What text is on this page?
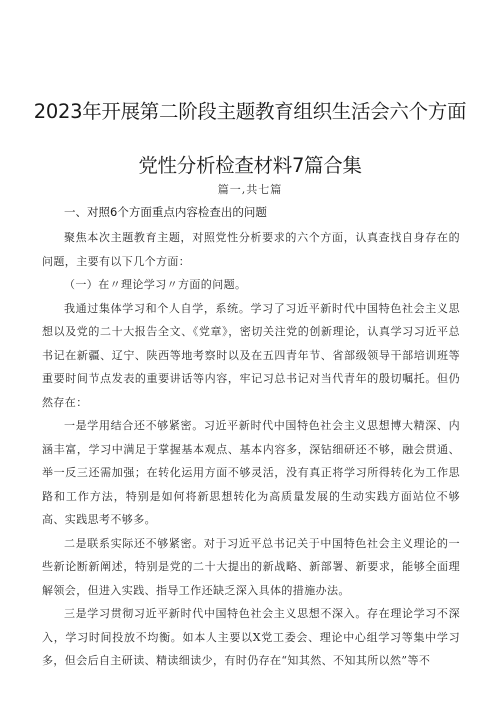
2023年开展第二阶段主题教育组织生活会六个方面
党性分析检查材料7篇合集
篇一,共七篇
一、对照6个方面重点内容检查出的问题

聚焦本次主题教育主题，对照党性分析要求的六个方面，认真查找自身存在的问题，主要有以下几个方面：

（一）在〃理论学习〃方面的问题。

我通过集体学习和个人自学，系统。学习了习近平新时代中国特色社会主义思想以及党的二十大报告全文、《党章》，密切关注党的创新理论，认真学习习近平总书记在新疆、辽宁、陕西等地考察时以及在五四青年节、省部级领导干部培训班等重要时间节点发表的重要讲话等内容，牢记习总书记对当代青年的殷切嘱托。但仍然存在：

一是学用结合还不够紧密。习近平新时代中国特色社会主义思想博大精深、内涵丰富，学习中满足于掌握基本观点、基本内容多，深钻细研还不够，融会贯通、举一反三还需加强；在转化运用方面不够灵活，没有真正将学习所得转化为工作思路和工作方法，特别是如何将新思想转化为高质量发展的生动实践方面站位不够高、实践思考不够多。

二是联系实际还不够紧密。对于习近平总书记关于中国特色社会主义理论的一些新论断新阐述，特别是党的二十大提出的新战略、新部署、新要求，能够全面理解领会，但进入实践、指导工作还缺乏深入具体的措施办法。

三是学习贯彻习近平新时代中国特色社会主义思想不深入。存在理论学习不深入，学习时间投放不均衡。如本人主要以X党工委会、理论中心组学习等集中学习多，但会后自主研读、精读细读少，有时仍存在“知其然、不知其所以然”等不
